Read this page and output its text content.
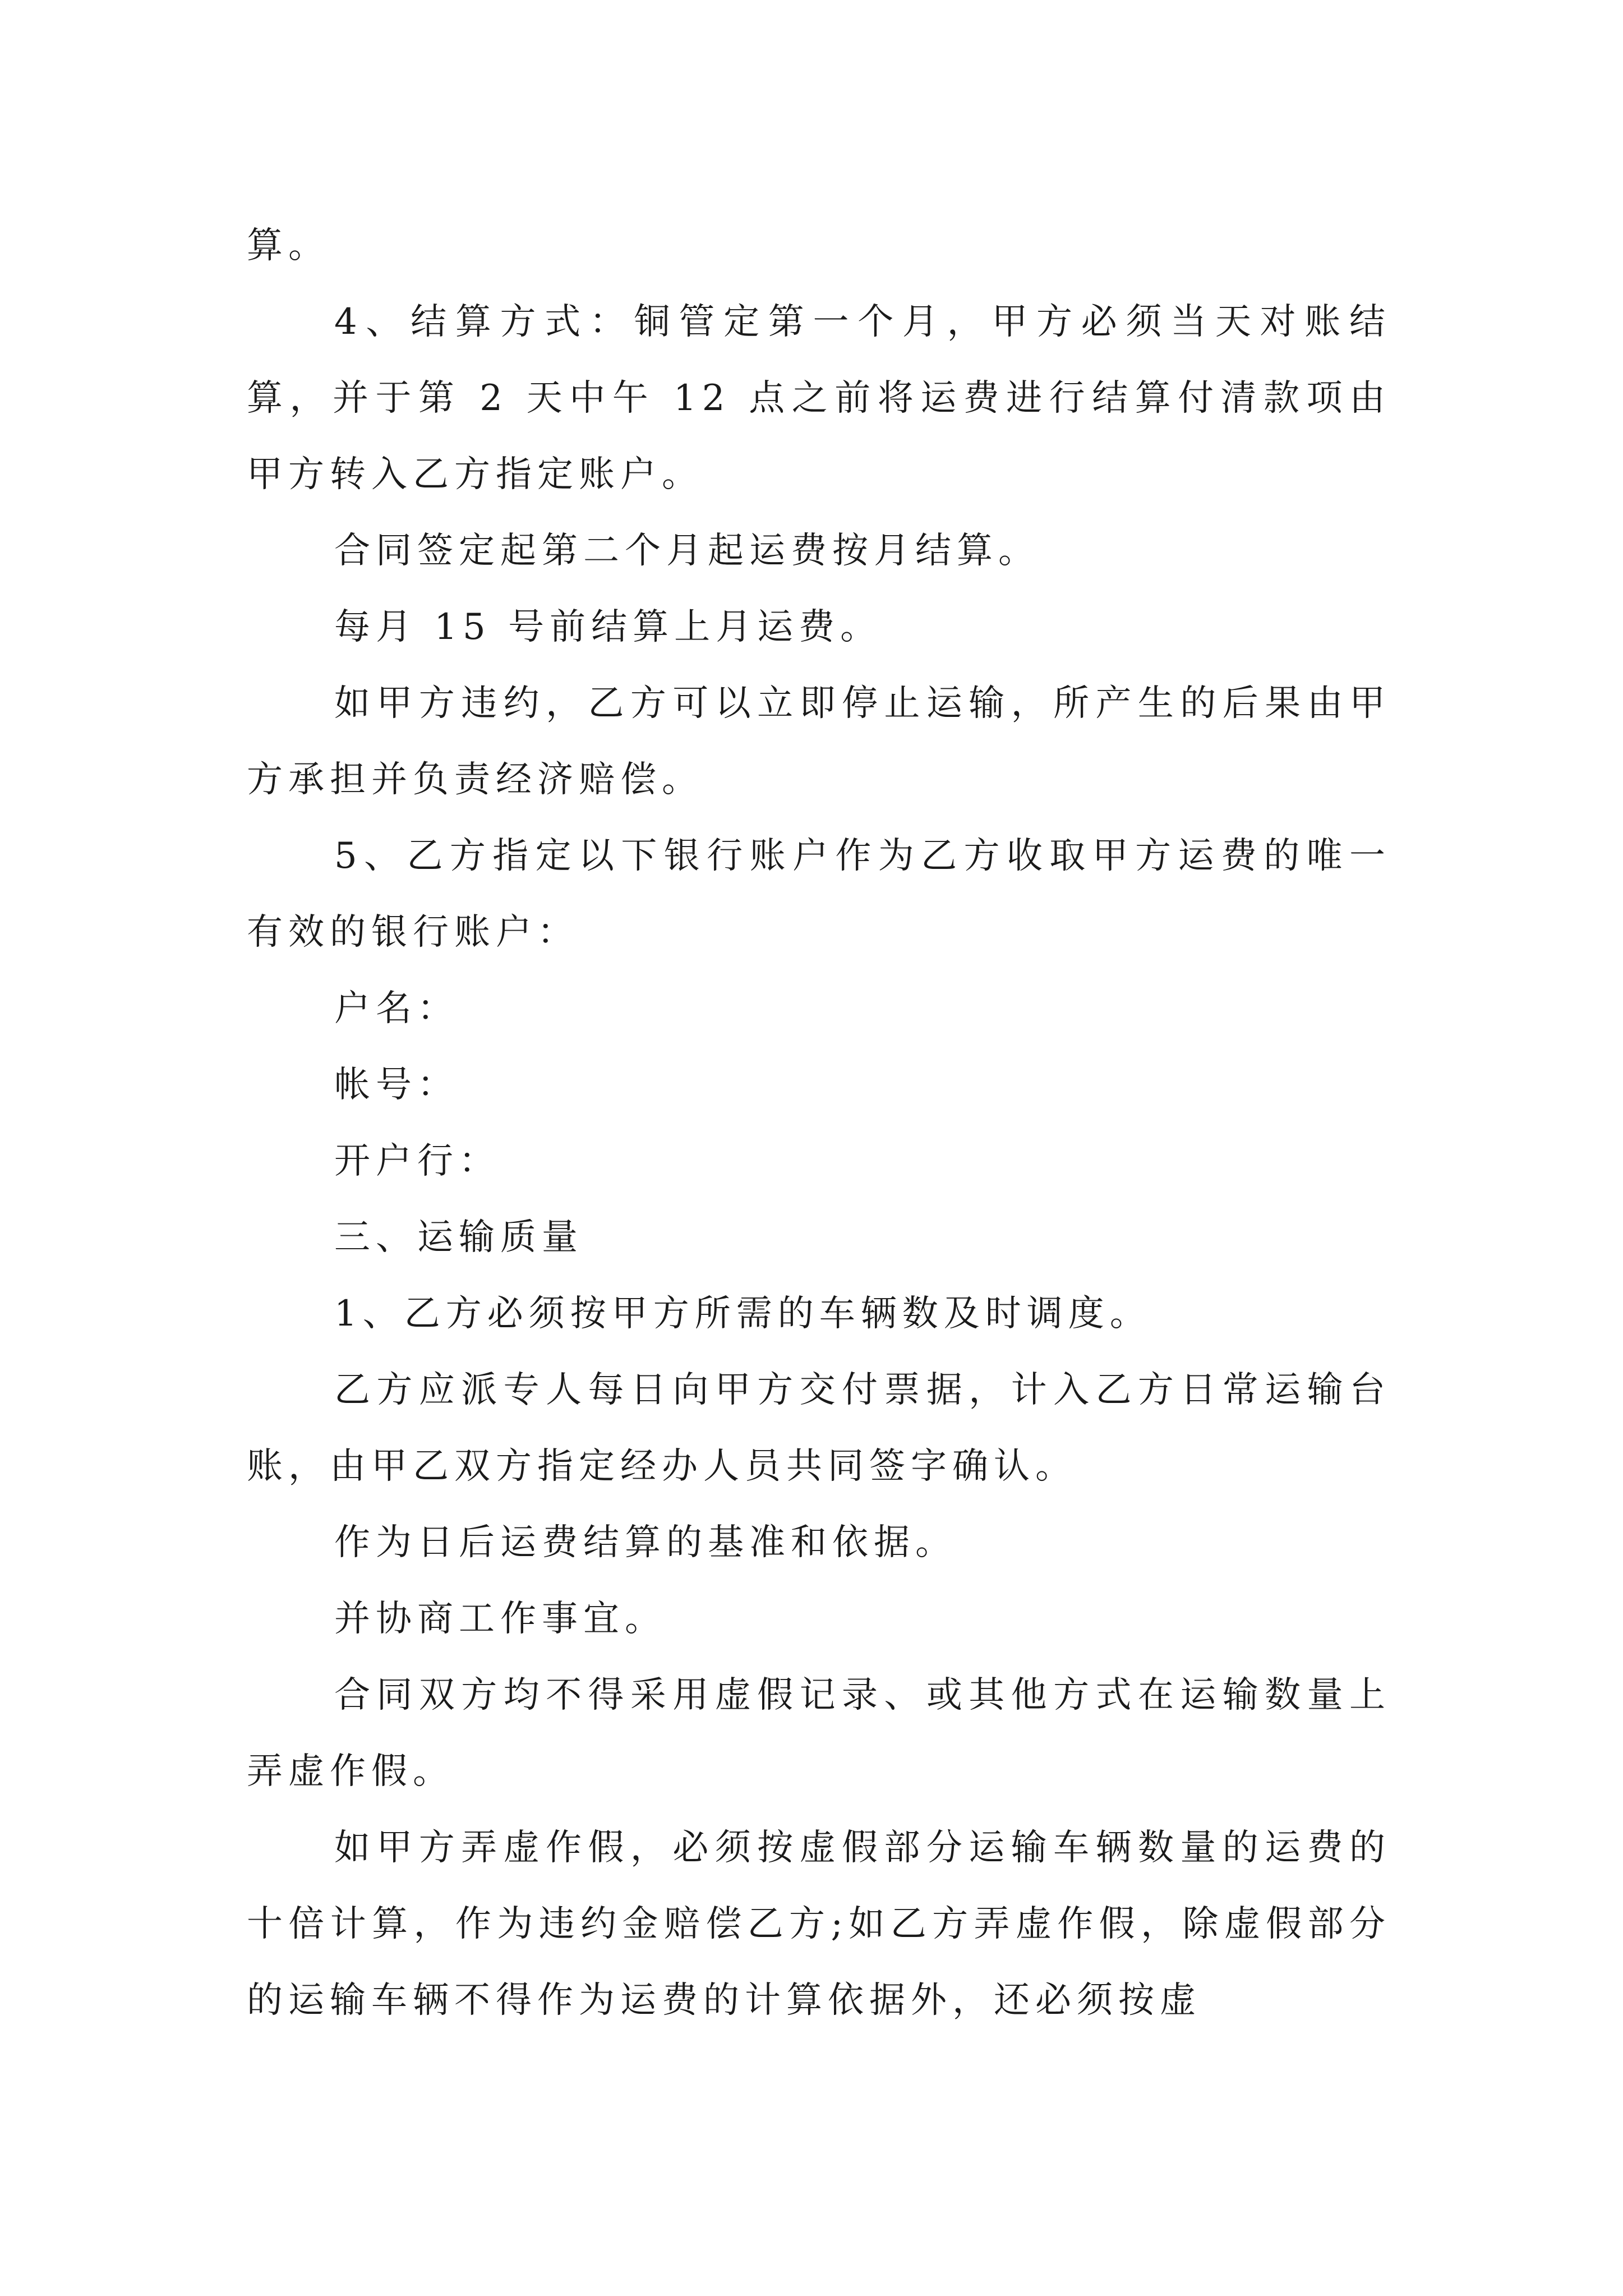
算。

4、结算方式：铜管定第一个月，甲方必须当天对账结算，并于第 2 天中午 12 点之前将运费进行结算付清款项由甲方转入乙方指定账户。

合同签定起第二个月起运费按月结算。

每月 15 号前结算上月运费。

如甲方违约，乙方可以立即停止运输，所产生的后果由甲方承担并负责经济赔偿。

5、乙方指定以下银行账户作为乙方收取甲方运费的唯一有效的银行账户：

户名：

帐号：

开户行：

三、运输质量

1、乙方必须按甲方所需的车辆数及时调度。

乙方应派专人每日向甲方交付票据，计入乙方日常运输台账，由甲乙双方指定经办人员共同签字确认。

作为日后运费结算的基准和依据。

并协商工作事宜。

合同双方均不得采用虚假记录、或其他方式在运输数量上弄虚作假。

如甲方弄虚作假，必须按虚假部分运输车辆数量的运费的十倍计算，作为违约金赔偿乙方;如乙方弄虚作假，除虚假部分的运输车辆不得作为运费的计算依据外，还必须按虚
